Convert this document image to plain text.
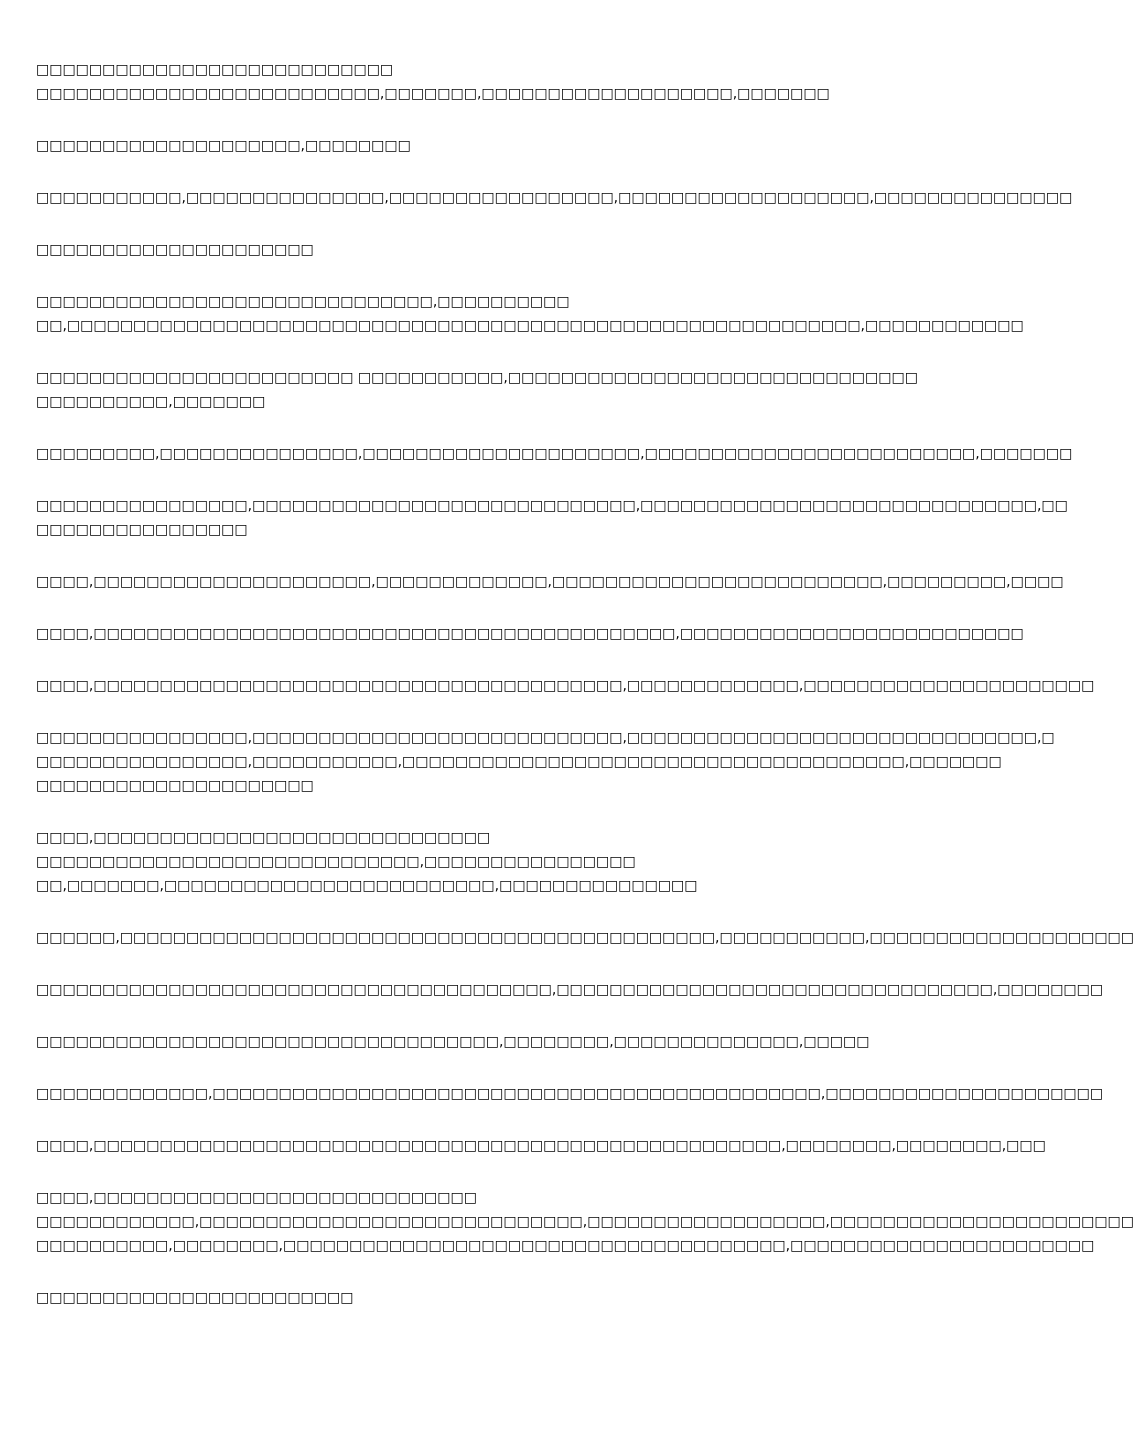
□□□□□□□□□□□□□□□□□□□□□□□□□□□
□□□□□□□□□□□□□□□□□□□□□□□□□□,□□□□□□□,□□□□□□□□□□□□□□□□□□□,□□□□□□□
□□□□□□□□□□□□□□□□□□□□,□□□□□□□□
□□□□□□□□□□□,□□□□□□□□□□□□□□□,□□□□□□□□□□□□□□□□□,□□□□□□□□□□□□□□□□□□□,□□□□□□□□□□□□□□□
□□□□□□□□□□□□□□□□□□□□□
□□□□□□□□□□□□□□□□□□□□□□□□□□□□□□,□□□□□□□□□□
□□,□□□□□□□□□□□□□□□□□□□□□□□□□□□□□□□□□□□□□□□□□□□□□□□□□□□□□□□□□□□□,□□□□□□□□□□□□
□□□□□□□□□□□□□□□□□□□□□□□□ □□□□□□□□□□□,□□□□□□□□□□□□□□□□□□□□□□□□□□□□□□□
□□□□□□□□□□,□□□□□□□
□□□□□□□□□,□□□□□□□□□□□□□□□,□□□□□□□□□□□□□□□□□□□□□,□□□□□□□□□□□□□□□□□□□□□□□□□,□□□□□□□
□□□□□□□□□□□□□□□□,□□□□□□□□□□□□□□□□□□□□□□□□□□□□□,□□□□□□□□□□□□□□□□□□□□□□□□□□□□□□,□□
□□□□□□□□□□□□□□□□
□□□□,□□□□□□□□□□□□□□□□□□□□□,□□□□□□□□□□□□□,□□□□□□□□□□□□□□□□□□□□□□□□□,□□□□□□□□□,□□□□
□□□□,□□□□□□□□□□□□□□□□□□□□□□□□□□□□□□□□□□□□□□□□□□□□,□□□□□□□□□□□□□□□□□□□□□□□□□□
□□□□,□□□□□□□□□□□□□□□□□□□□□□□□□□□□□□□□□□□□□□□□,□□□□□□□□□□□□□,□□□□□□□□□□□□□□□□□□□□□□
□□□□□□□□□□□□□□□□,□□□□□□□□□□□□□□□□□□□□□□□□□□□□,□□□□□□□□□□□□□□□□□□□□□□□□□□□□□□□,□
□□□□□□□□□□□□□□□□,□□□□□□□□□□□,□□□□□□□□□□□□□□□□□□□□□□□□□□□□□□□□□□□□□□,□□□□□□□
□□□□□□□□□□□□□□□□□□□□□
□□□□,□□□□□□□□□□□□□□□□□□□□□□□□□□□□□□
□□□□□□□□□□□□□□□□□□□□□□□□□□□□□,□□□□□□□□□□□□□□□□
□□,□□□□□□□,□□□□□□□□□□□□□□□□□□□□□□□□□,□□□□□□□□□□□□□□□
□□□□□□,□□□□□□□□□□□□□□□□□□□□□□□□□□□□□□□□□□□□□□□□□□□□□,□□□□□□□□□□□,□□□□□□□□□□□□□□□□□□□□
□□□□□□□□□□□□□□□□□□□□□□□□□□□□□□□□□□□□□□□,□□□□□□□□□□□□□□□□□□□□□□□□□□□□□□□□□,□□□□□□□□
□□□□□□□□□□□□□□□□□□□□□□□□□□□□□□□□□□□,□□□□□□□□,□□□□□□□□□□□□□□,□□□□□
□□□□□□□□□□□□□,□□□□□□□□□□□□□□□□□□□□□□□□□□□□□□□□□□□□□□□□□□□□□□,□□□□□□□□□□□□□□□□□□□□□
□□□□,□□□□□□□□□□□□□□□□□□□□□□□□□□□□□□□□□□□□□□□□□□□□□□□□□□□□,□□□□□□□□,□□□□□□□□,□□□
□□□□,□□□□□□□□□□□□□□□□□□□□□□□□□□□□□
□□□□□□□□□□□□,□□□□□□□□□□□□□□□□□□□□□□□□□□□□□,□□□□□□□□□□□□□□□□□□,□□□□□□□□□□□□□□□□□□□□□□□
□□□□□□□□□□,□□□□□□□□,□□□□□□□□□□□□□□□□□□□□□□□□□□□□□□□□□□□□□□,□□□□□□□□□□□□□□□□□□□□□□□
□□□□□□□□□□□□□□□□□□□□□□□□
